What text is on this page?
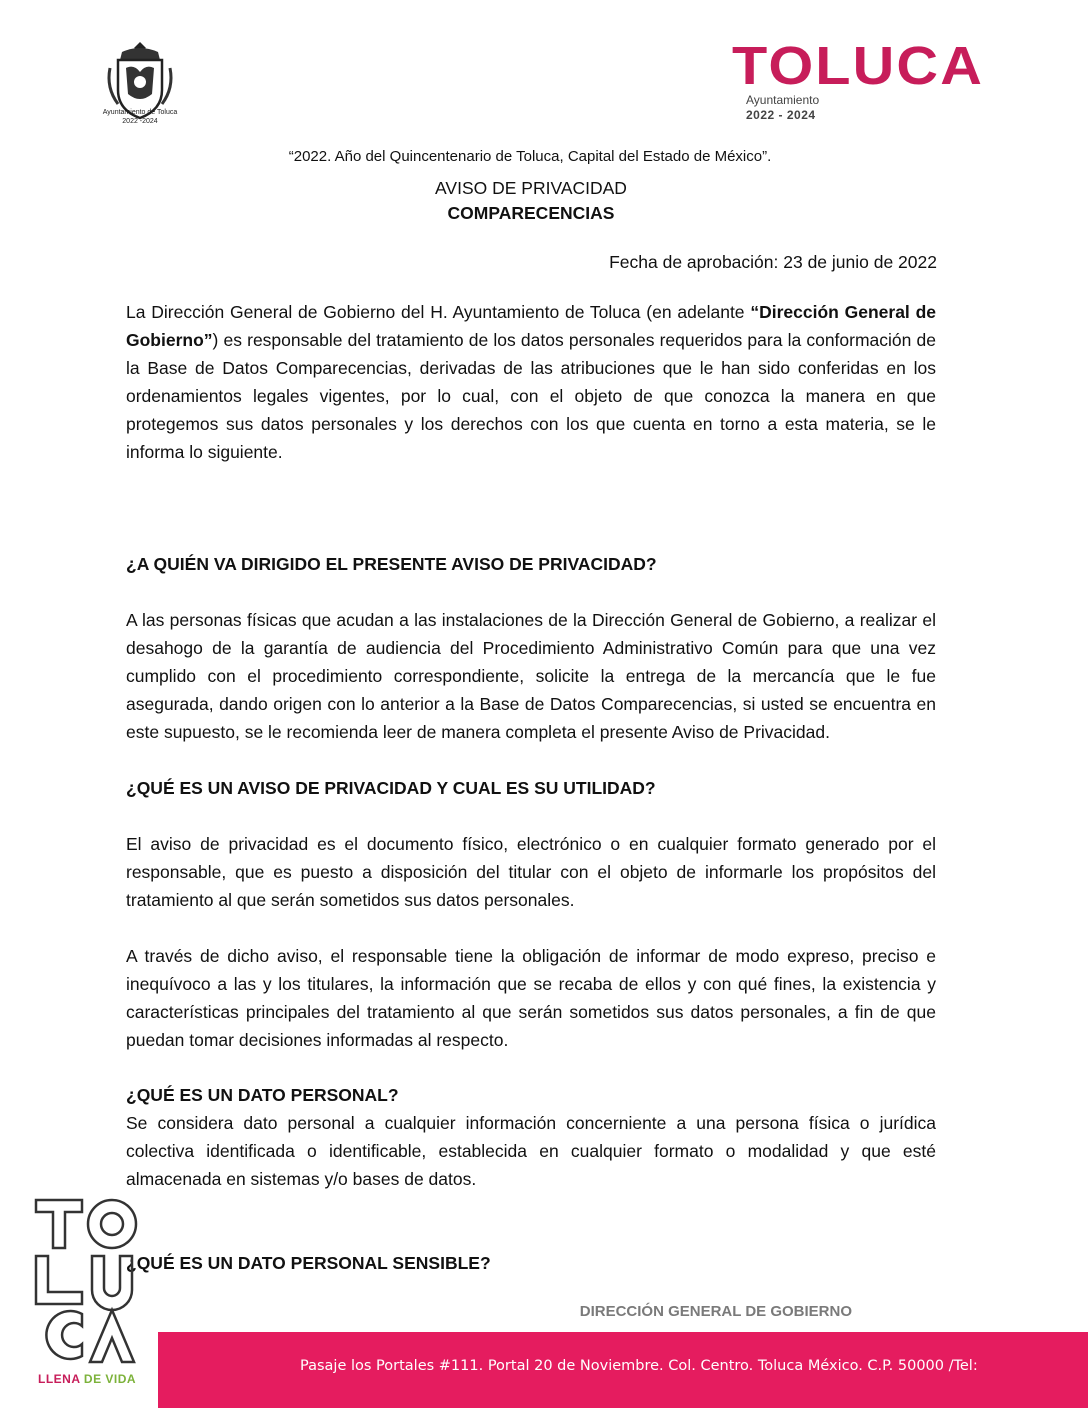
Ayuntamiento de Toluca
2022 -2024
TOLUCA
Ayuntamiento
2022 - 2024
“2022. Año del Quincentenario de Toluca, Capital del Estado de México”.
AVISO DE PRIVACIDAD
COMPARECENCIAS
Fecha de aprobación: 23 de junio de 2022

La Dirección General de Gobierno del H. Ayuntamiento de Toluca (en adelante “Dirección General de Gobierno”) es responsable del tratamiento de los datos personales requeridos para la conformación de la Base de Datos Comparecencias, derivadas de las atribuciones que le han sido conferidas en los ordenamientos legales vigentes, por lo cual, con el objeto de que conozca la manera en que protegemos sus datos personales y los derechos con los que cuenta en torno a esta materia, se le informa lo siguiente.

¿A QUIÉN VA DIRIGIDO EL PRESENTE AVISO DE PRIVACIDAD?

A las personas físicas que acudan a las instalaciones de la Dirección General de Gobierno, a realizar el desahogo de la garantía de audiencia del Procedimiento Administrativo Común para que una vez cumplido con el procedimiento correspondiente, solicite la entrega de la mercancía que le fue asegurada, dando origen con lo anterior a la Base de Datos Comparecencias, si usted se encuentra en este supuesto, se le recomienda leer de manera completa el presente Aviso de Privacidad.

¿QUÉ ES UN AVISO DE PRIVACIDAD Y CUAL ES SU UTILIDAD?

El aviso de privacidad es el documento físico, electrónico o en cualquier formato generado por el responsable, que es puesto a disposición del titular con el objeto de informarle los propósitos del tratamiento al que serán sometidos sus datos personales.

A través de dicho aviso, el responsable tiene la obligación de informar de modo expreso, preciso e inequívoco a las y los titulares, la información que se recaba de ellos y con qué fines, la existencia y características principales del tratamiento al que serán sometidos sus datos personales, a fin de que puedan tomar decisiones informadas al respecto.

¿QUÉ ES UN DATO PERSONAL?

Se considera dato personal a cualquier información concerniente a una persona física o jurídica colectiva identificada o identificable, establecida en cualquier formato o modalidad y que esté almacenada en sistemas y/o bases de datos.

¿QUÉ ES UN DATO PERSONAL SENSIBLE?
LLENA DE VIDA
DIRECCIÓN GENERAL DE GOBIERNO
Pasaje los Portales #111. Portal 20 de Noviembre. Col. Centro. Toluca México. C.P. 50000 /Tel:
